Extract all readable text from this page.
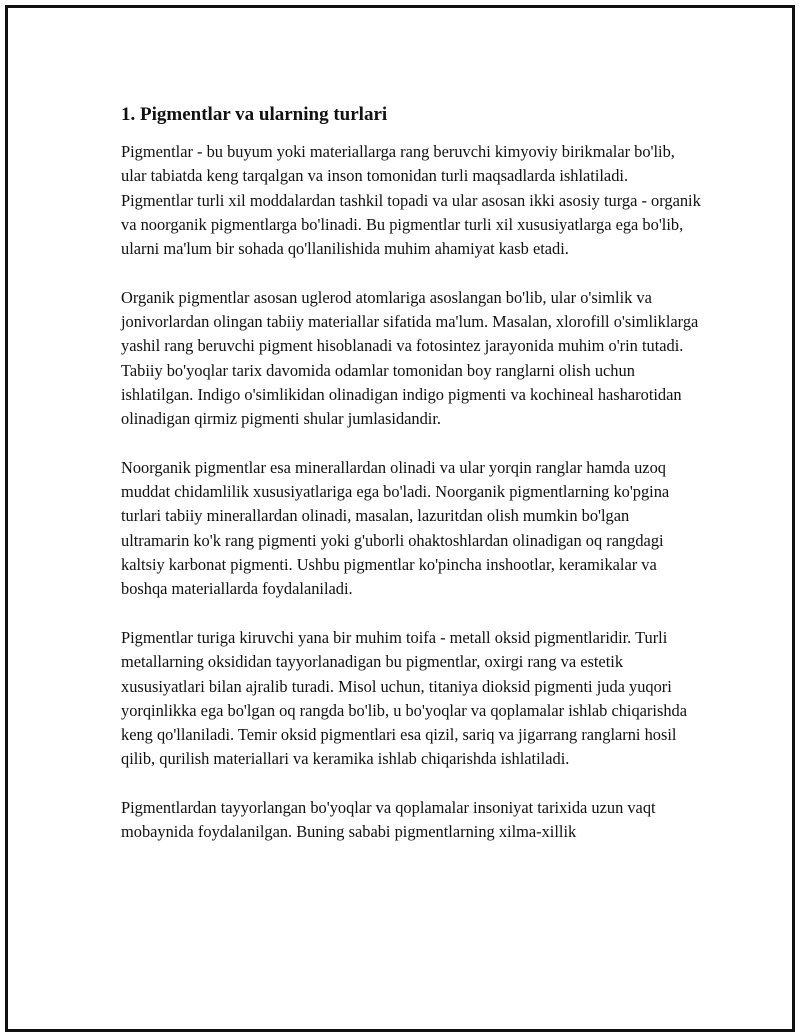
1. Pigmentlar va ularning turlari

Pigmentlar - bu buyum yoki materiallarga rang beruvchi kimyoviy birikmalar bo'lib, ular tabiatda keng tarqalgan va inson tomonidan turli maqsadlarda ishlatiladi. Pigmentlar turli xil moddalardan tashkil topadi va ular asosan ikki asosiy turga - organik va noorganik pigmentlarga bo'linadi. Bu pigmentlar turli xil xususiyatlarga ega bo'lib, ularni ma'lum bir sohada qo'llanilishida muhim ahamiyat kasb etadi.

Organik pigmentlar asosan uglerod atomlariga asoslangan bo'lib, ular o'simlik va jonivorlardan olingan tabiiy materiallar sifatida ma'lum. Masalan, xlorofill o'simliklarga yashil rang beruvchi pigment hisoblanadi va fotosintez jarayonida muhim o'rin tutadi. Tabiiy bo'yoqlar tarix davomida odamlar tomonidan boy ranglarni olish uchun ishlatilgan. Indigo o'simlikidan olinadigan indigo pigmenti va kochineal hasharotidan olinadigan qirmiz pigmenti shular jumlasidandir.

Noorganik pigmentlar esa minerallardan olinadi va ular yorqin ranglar hamda uzoq muddat chidamlilik xususiyatlariga ega bo'ladi. Noorganik pigmentlarning ko'pgina turlari tabiiy minerallardan olinadi, masalan, lazuritdan olish mumkin bo'lgan ultramarin ko'k rang pigmenti yoki g'uborli ohaktoshlardan olinadigan oq rangdagi kaltsiy karbonat pigmenti. Ushbu pigmentlar ko'pincha inshootlar, keramikalar va boshqa materiallarda foydalaniladi.

Pigmentlar turiga kiruvchi yana bir muhim toifa - metall oksid pigmentlaridir. Turli metallarning oksididan tayyorlanadigan bu pigmentlar, oxirgi rang va estetik xususiyatlari bilan ajralib turadi. Misol uchun, titaniya dioksid pigmenti juda yuqori yorqinlikka ega bo'lgan oq rangda bo'lib, u bo'yoqlar va qoplamalar ishlab chiqarishda keng qo'llaniladi. Temir oksid pigmentlari esa qizil, sariq va jigarrang ranglarni hosil qilib, qurilish materiallari va keramika ishlab chiqarishda ishlatiladi.

Pigmentlardan tayyorlangan bo'yoqlar va qoplamalar insoniyat tarixida uzun vaqt mobaynida foydalanilgan. Buning sababi pigmentlarning xilma-xillik
